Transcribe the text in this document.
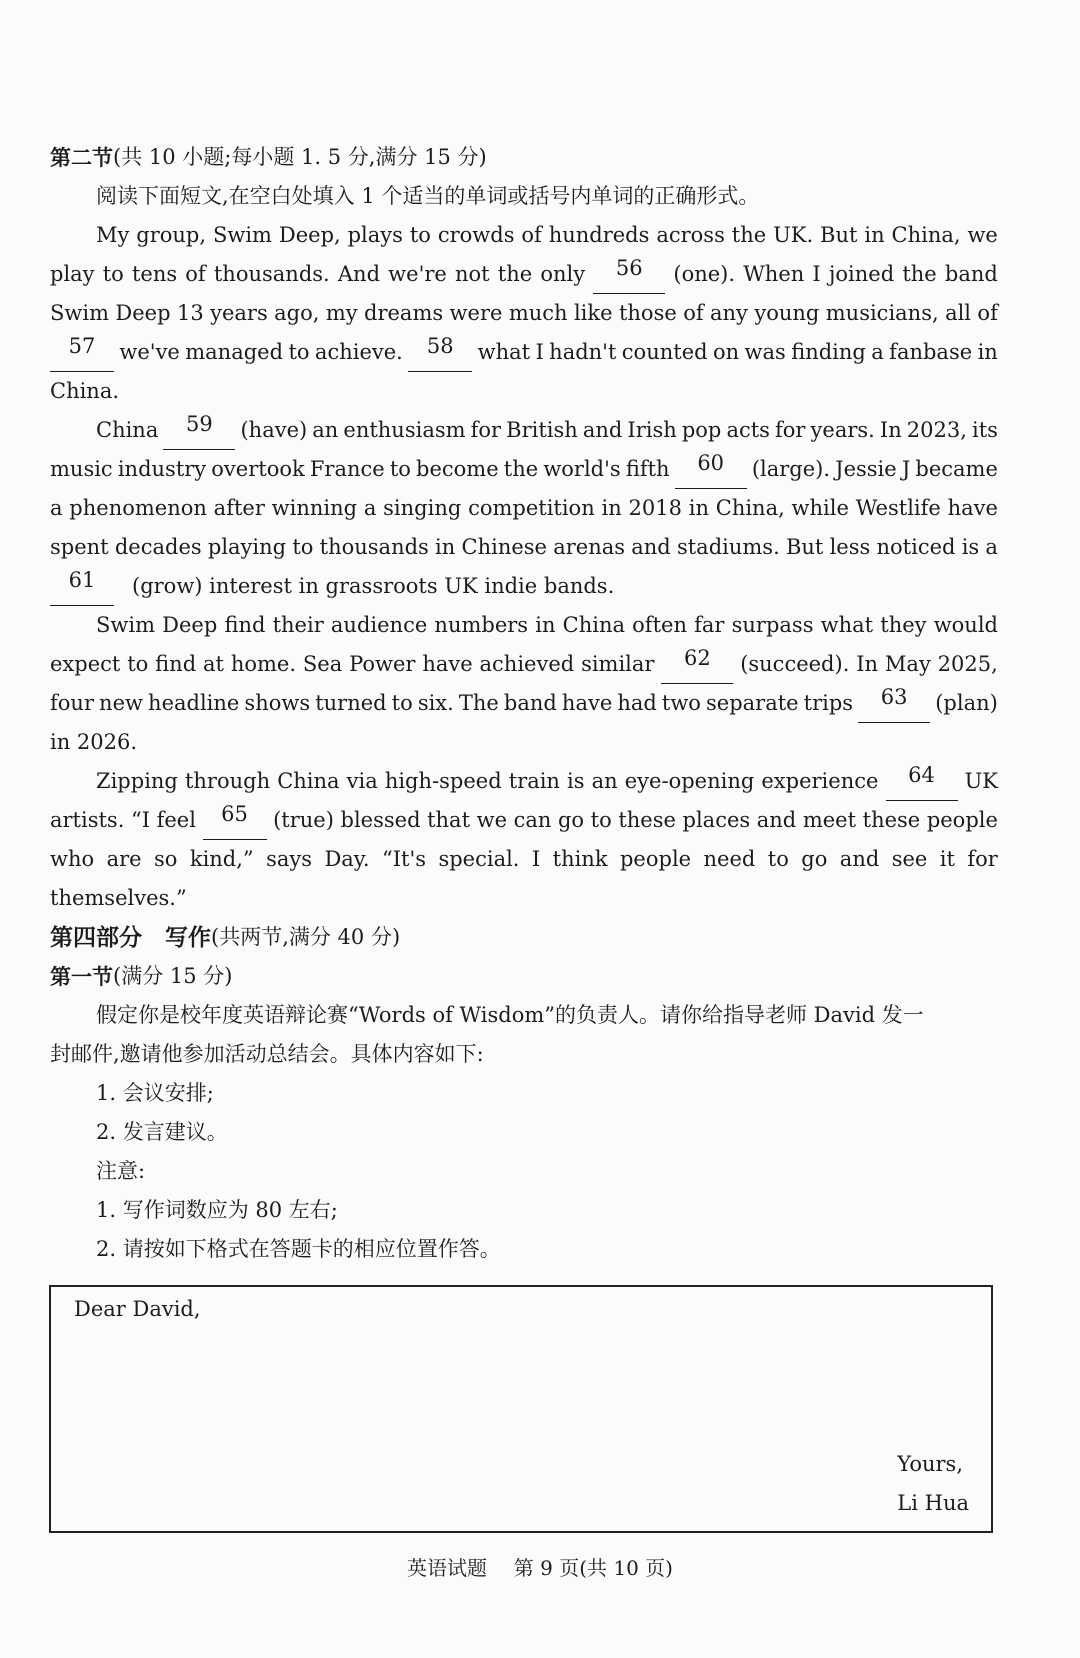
第二节 (共 10 小题;每小题 1. 5 分,满分 15 分)
阅读下面短文,在空白处填入 1 个适当的单词或括号内单词的正确形式。
My group, Swim Deep, plays to crowds of hundreds across the UK. But in China, we
play to tens of thousands. And we're not the only	56	(one). When I joined the band
Swim Deep 13 years ago, my dreams were much like those of any young musicians, all of
57	we've managed to achieve.	58	what I hadn't counted on was finding a fanbase in
China.
China	59	(have) an enthusiasm for British and Irish pop acts for years. In 2023, its
music industry overtook France to become the world's fifth	60	(large). Jessie J became
a phenomenon after winning a singing competition in 2018 in China, while Westlife have
spent decades playing to thousands in Chinese arenas and stadiums. But less noticed is a
61	(grow) interest in grassroots UK indie bands.
Swim Deep find their audience numbers in China often far surpass what they would
expect to find at home. Sea Power have achieved similar	62	(succeed). In May 2025,
four new headline shows turned to six. The band have had two separate trips	63	(plan)
in 2026.
Zipping through China via high-speed train is an eye-opening experience	64	UK
artists. “I feel	65	(true) blessed that we can go to these places and meet these people
who are so kind,” says Day. “It's special. I think people need to go and see it for
themselves.”
第四部分　写作 (共两节,满分 40 分)
第一节 (满分 15 分)
假定你是校年度英语辩论赛“Words of Wisdom”的负责人。请你给指导老师 David 发一
封邮件,邀请他参加活动总结会。具体内容如下:
1. 会议安排;
2. 发言建议。
注意:
1. 写作词数应为 80 左右;
2. 请按如下格式在答题卡的相应位置作答。
Dear David,
Yours,
Li Hua
英语试题 第 9 页(共 10 页)
